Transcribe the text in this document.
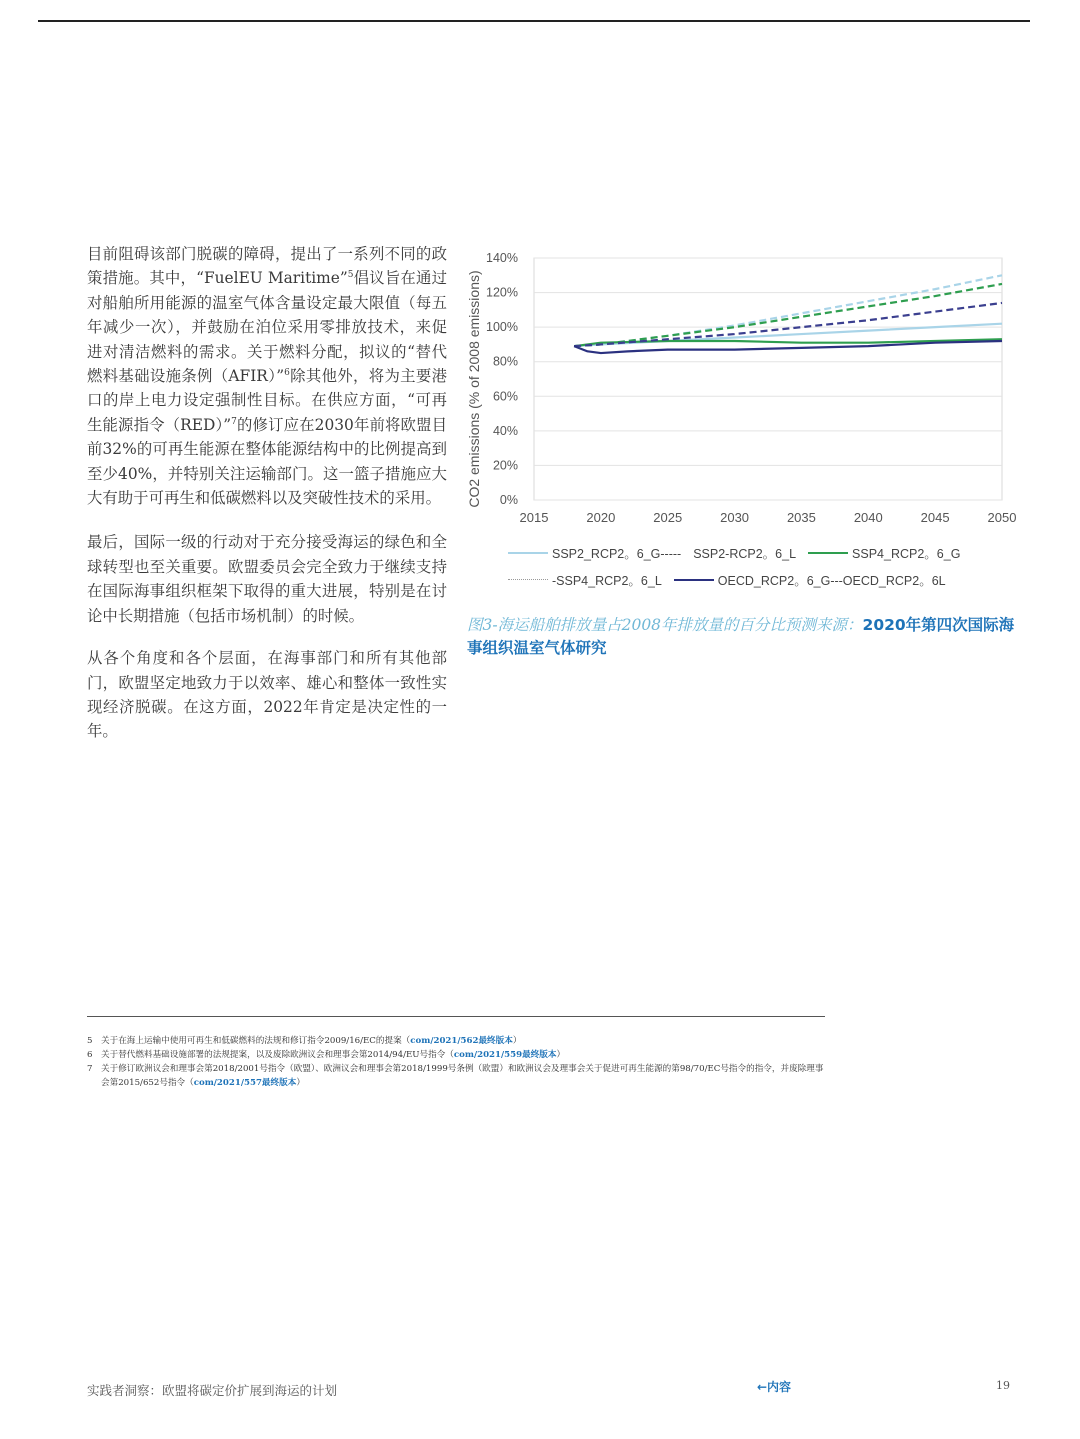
目前阻碍该部门脱碳的障碍，提出了一系列不同的政策措施。其中，“FuelEU Maritime”$^5$倡议旨在通过对船舶所用能源的温室气体含量设定最大限值（每五年减少一次），并鼓励在泊位采用零排放技术，来促进对清洁燃料的需求。关于燃料分配，拟议的“替代燃料基础设施条例（AFIR）”$^6$除其他外，将为主要港口的岸上电力设定强制性目标。在供应方面，“可再生能源指令（RED）”$^7$的修订应在2030年前将欧盟目前32%的可再生能源在整体能源结构中的比例提高到至少40%，并特别关注运输部门。这一篮子措施应大大有助于可再生和低碳燃料以及突破性技术的采用。

最后，国际一级的行动对于充分接受海运的绿色和全球转型也至关重要。欧盟委员会完全致力于继续支持在国际海事组织框架下取得的重大进展，特别是在讨论中长期措施（包括市场机制）的时候。

从各个角度和各个层面，在海事部门和所有其他部门，欧盟坚定地致力于以效率、雄心和整体一致性实现经济脱碳。在这方面，2022年肯定是决定性的一年。

0%
20%
40%
60%
80%
100%
120%
140%
2015	2020	2025	2030	2035	2040	2045	2050
CO2 emissions (% of 2008 emissions)
SSP2_RCP2。6_G----- SSP2-RCP2。6_L	SSP4_RCP2。6_G
-SSP4_RCP2。6_L	OECD_RCP2。6_G---OECD_RCP2。6L
图3-海运船舶排放量占2008年排放量的百分比预测来源：2020年第四次国际海事组织温室气体研究
5 关于在海上运输中使用可再生和低碳燃料的法规和修订指令2009/16/EC的提案（com/2021/562最终版本）
6 关于替代燃料基础设施部署的法规提案，以及废除欧洲议会和理事会第2014/94/EU号指令（com/2021/559最终版本）
7 关于修订欧洲议会和理事会第2018/2001号指令（欧盟）、欧洲议会和理事会第2018/1999号条例（欧盟）和欧洲议会及理事会关于促进可再生能源的第98/70/EC号指令的指令，并废除理事会第2015/652号指令（com/2021/557最终版本）
实践者洞察：欧盟将碳定价扩展到海运的计划	←内容	19
